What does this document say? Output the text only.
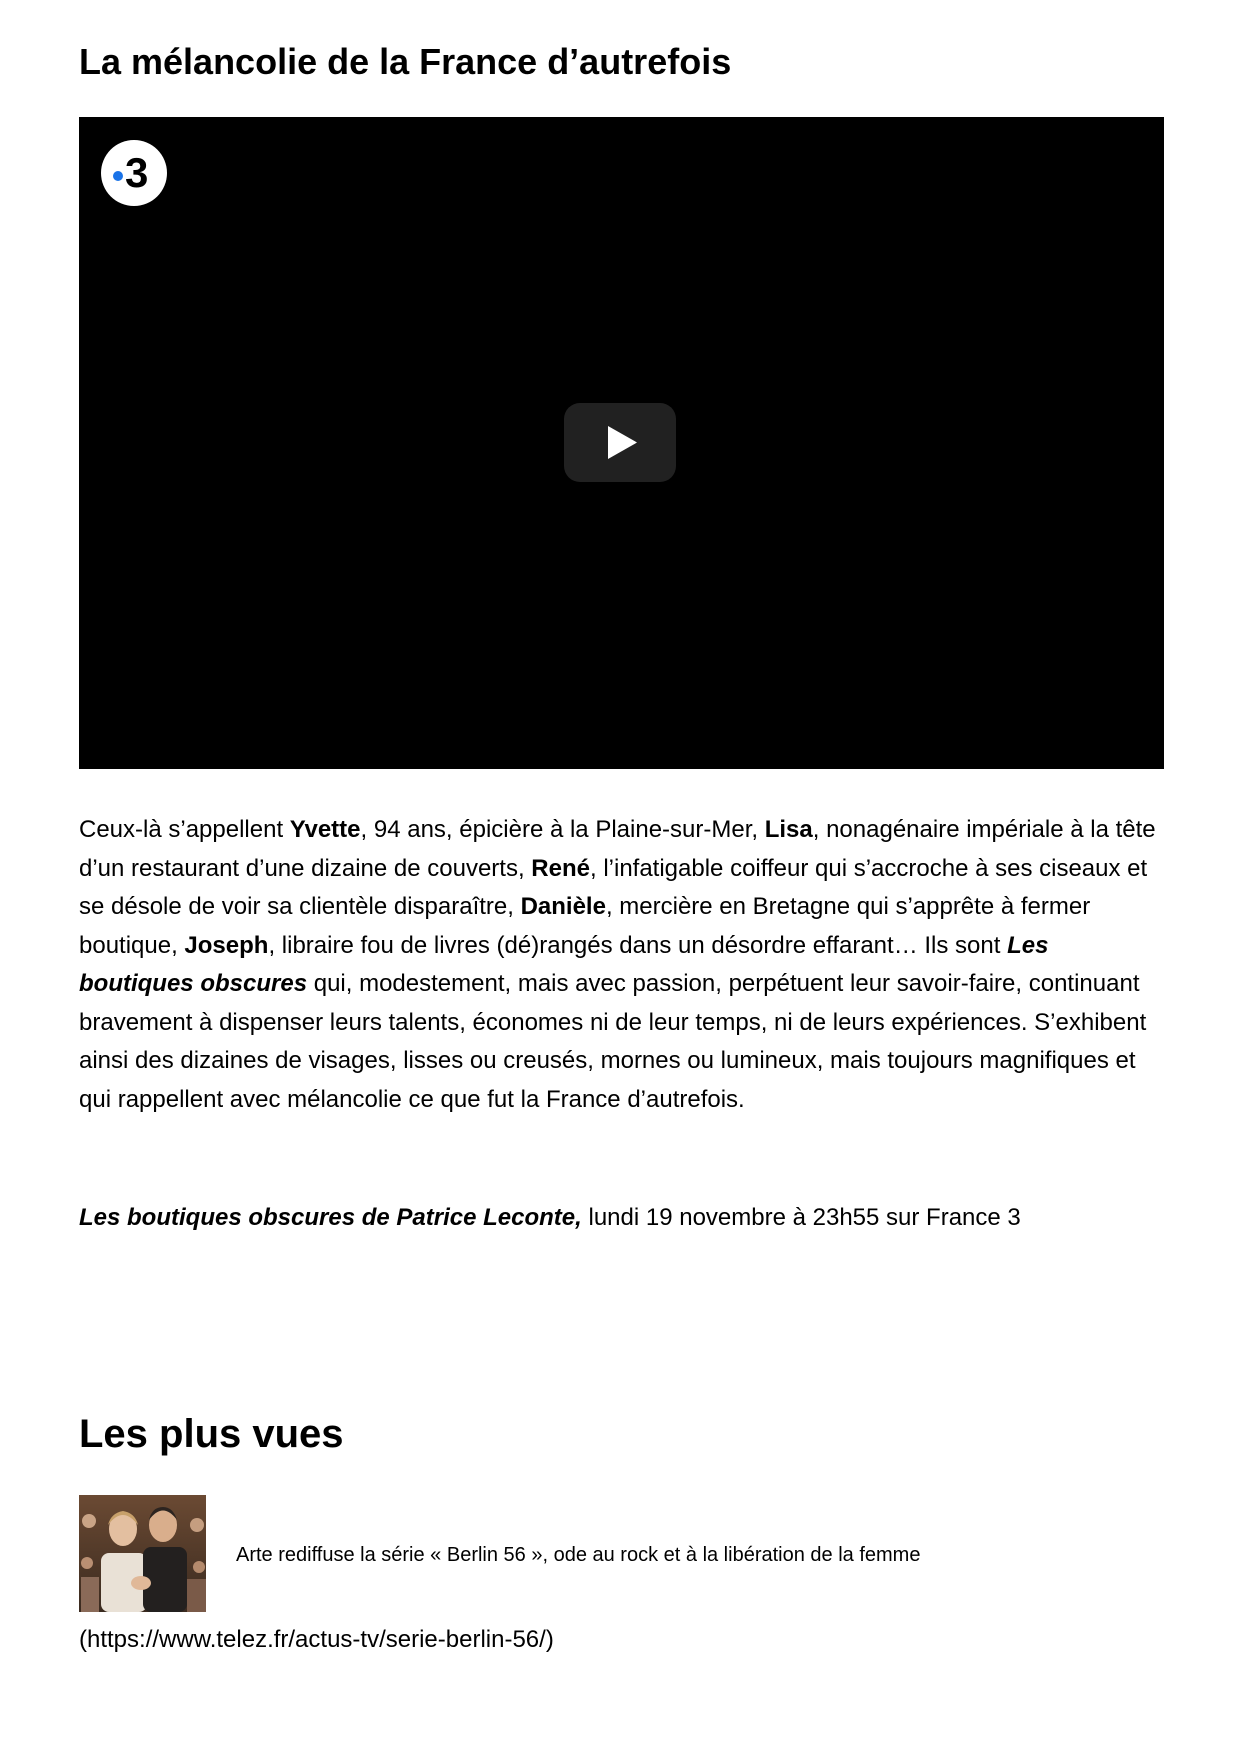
La mélancolie de la France d’autrefois
3

Ceux-là s’appellent Yvette, 94 ans, épicière à la Plaine-sur-Mer, Lisa, nonagénaire impériale à la tête d’un restaurant d’une dizaine de couverts, René, l’infatigable coiffeur qui s’accroche à ses ciseaux et se désole de voir sa clientèle disparaître, Danièle, mercière en Bretagne qui s’apprête à fermer boutique, Joseph, libraire fou de livres (dé)rangés dans un désordre effarant… Ils sont Les boutiques obscures qui, modestement, mais avec passion, perpétuent leur savoir-faire, continuant bravement à dispenser leurs talents, économes ni de leur temps, ni de leurs expériences. S’exhibent ainsi des dizaines de visages, lisses ou creusés, mornes ou lumineux, mais toujours magnifiques et qui rappellent avec mélancolie ce que fut la France d’autrefois.

Les boutiques obscures de Patrice Leconte, lundi 19 novembre à 23h55 sur France 3

Les plus vues
Arte rediffuse la série « Berlin 56 », ode au rock et à la libération de la femme
(https://www.telez.fr/actus-tv/serie-berlin-56/)
